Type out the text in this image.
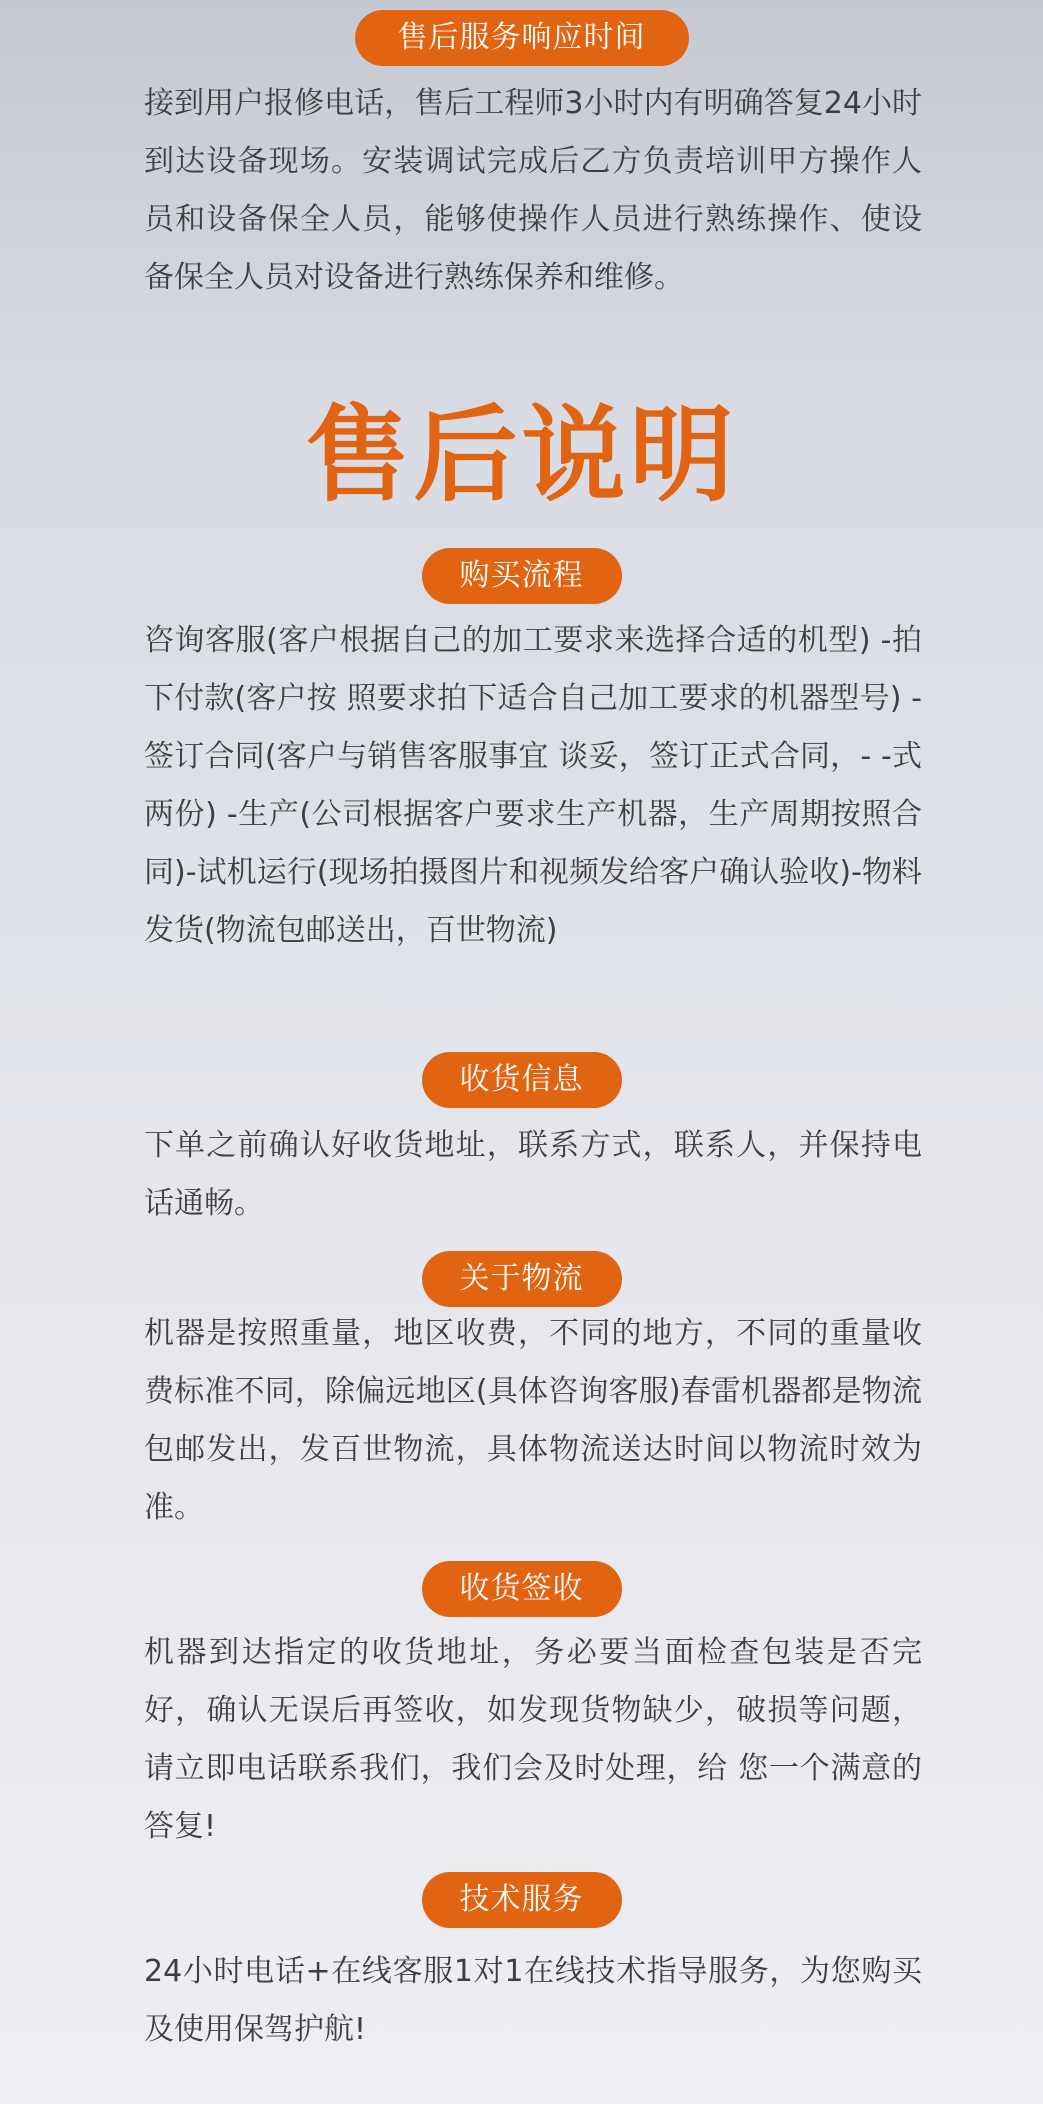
售后服务响应时间

接到用户报修电话，售后工程师3小时内有明确答复24小时到达设备现场。安装调试完成后乙方负责培训甲方操作人员和设备保全人员，能够使操作人员进行熟练操作、使设备保全人员对设备进行熟练保养和维修。

售后说明
购买流程

咨询客服(客户根据自己的加工要求来选择合适的机型) -拍下付款(客户按 照要求拍下适合自己加工要求的机器型号) -签订合同(客户与销售客服事宜 谈妥，签订正式合同，- -式两份) -生产(公司根据客户要求生产机器，生产周期按照合同)-试机运行(现场拍摄图片和视频发给客户确认验收)-物料发货(物流包邮送出，百世物流)

收货信息

下单之前确认好收货地址，联系方式，联系人，并保持电话通畅。

关于物流

机器是按照重量，地区收费，不同的地方，不同的重量收费标准不同，除偏远地区(具体咨询客服)春雷机器都是物流包邮发出，发百世物流，具体物流送达时间以物流时效为准。

收货签收

机器到达指定的收货地址，务必要当面检查包装是否完好，确认无误后再签收，如发现货物缺少，破损等问题，请立即电话联系我们，我们会及时处理，给 您一个满意的答复!

技术服务

24小时电话+在线客服1对1在线技术指导服务，为您购买及使用保驾护航!
